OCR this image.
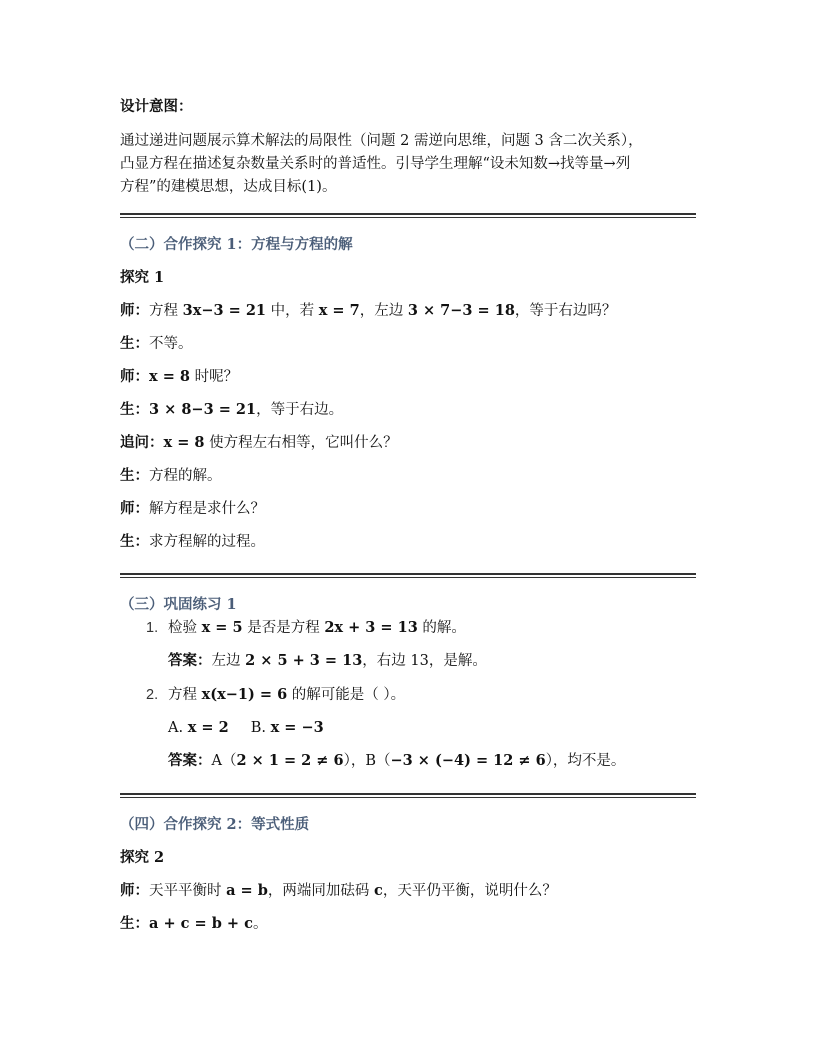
设计意图：
通过递进问题展示算术解法的局限性（问题 2 需逆向思维，问题 3 含二次关系），
凸显方程在描述复杂数量关系时的普适性。引导学生理解“设未知数→找等量→列
方程”的建模思想，达成目标(1)。
（二）合作探究 1：方程与方程的解
探究 1
师：方程 3x−3 = 21 中，若 x = 7，左边 3 × 7−3 = 18，等于右边吗？
生：不等。
师：x = 8 时呢？
生：3 × 8−3 = 21，等于右边。
追问：x = 8 使方程左右相等，它叫什么？
生：方程的解。
师：解方程是求什么？
生：求方程解的过程。
（三）巩固练习 1
1. 检验 x = 5 是否是方程 2x + 3 = 13 的解。
答案：左边 2 × 5 + 3 = 13，右边 13，是解。
2. 方程 x(x−1) = 6 的解可能是（ ）。
A. x = 2 B. x = −3
答案：A（2 × 1 = 2 ≠ 6），B（−3 × (−4) = 12 ≠ 6），均不是。
（四）合作探究 2：等式性质
探究 2
师：天平平衡时 a = b，两端同加砝码 c，天平仍平衡，说明什么？
生：a + c = b + c。
